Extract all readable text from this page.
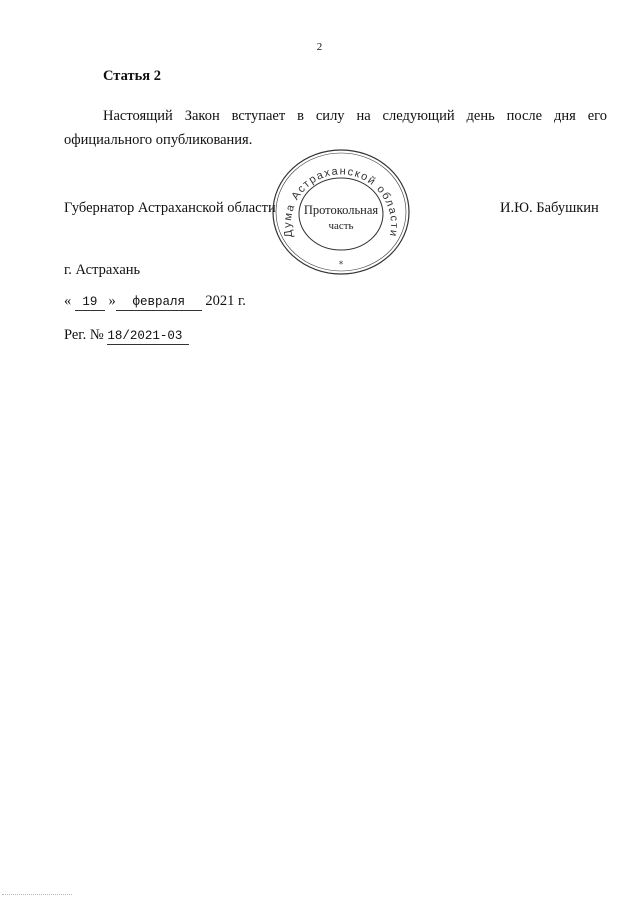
2
Статья 2
Настоящий Закон вступает в силу на следующий день после дня его официального опубликования.
Губернатор Астраханской области	И.Ю. Бабушкин
Дума Астраханской области
Протокольная
часть
*
г. Астрахань
« 19 » февраля 2021 г.
Рег. № 18/2021-03
